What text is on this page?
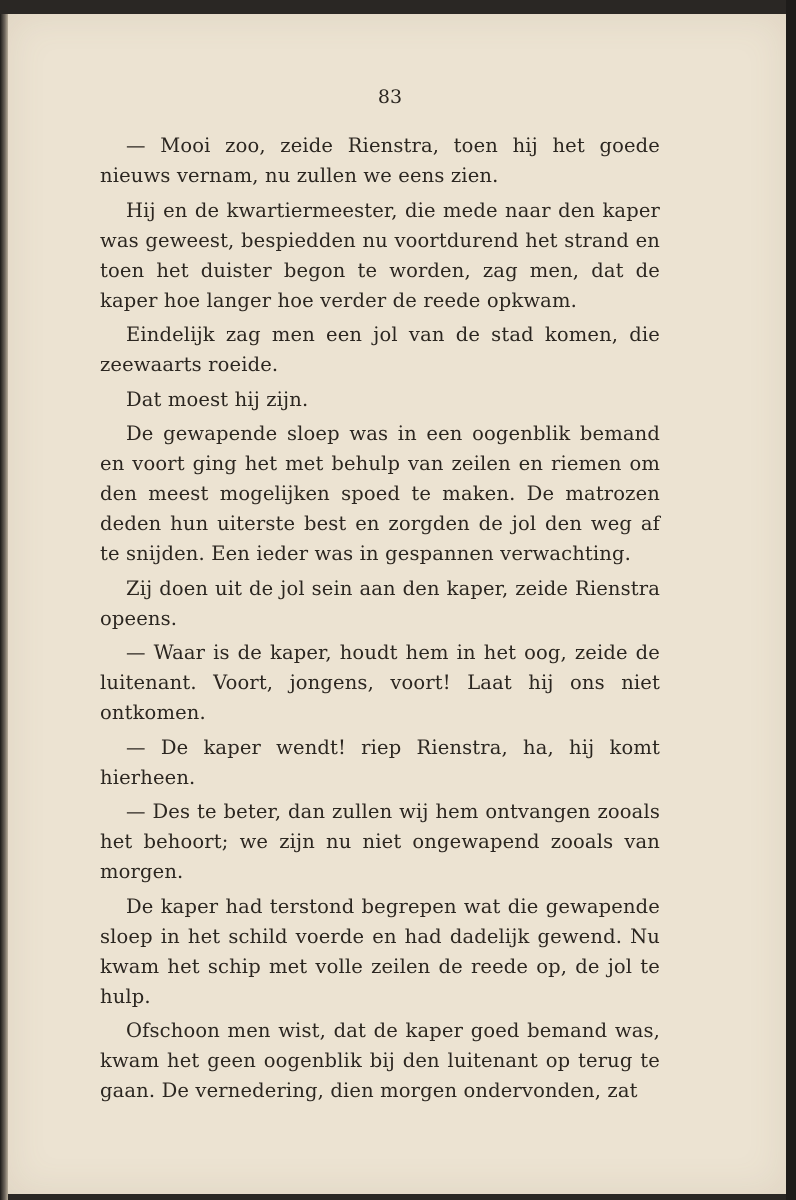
83

— Mooi zoo, zeide Rienstra, toen hij het goede nieuws vernam, nu zullen we eens zien.

Hij en de kwartiermeester, die mede naar den kaper was geweest, bespiedden nu voortdurend het strand en toen het duister begon te worden, zag men, dat de kaper hoe langer hoe verder de reede opkwam.

Eindelijk zag men een jol van de stad komen, die zeewaarts roeide.

Dat moest hij zijn.

De gewapende sloep was in een oogenblik bemand en voort ging het met behulp van zeilen en riemen om den meest mogelijken spoed te maken. De matrozen deden hun uiterste best en zorgden de jol den weg af te snijden. Een ieder was in gespannen verwachting.

Zij doen uit de jol sein aan den kaper, zeide Rienstra opeens.

— Waar is de kaper, houdt hem in het oog, zeide de luitenant. Voort, jongens, voort! Laat hij ons niet ontkomen.

— De kaper wendt! riep Rienstra, ha, hij komt hierheen.

— Des te beter, dan zullen wij hem ontvangen zooals het behoort; we zijn nu niet ongewapend zooals van morgen.

De kaper had terstond begrepen wat die gewapende sloep in het schild voerde en had dadelijk gewend. Nu kwam het schip met volle zeilen de reede op, de jol te hulp.

Ofschoon men wist, dat de kaper goed bemand was, kwam het geen oogenblik bij den luitenant op terug te gaan. De vernedering, dien morgen ondervonden, zat
